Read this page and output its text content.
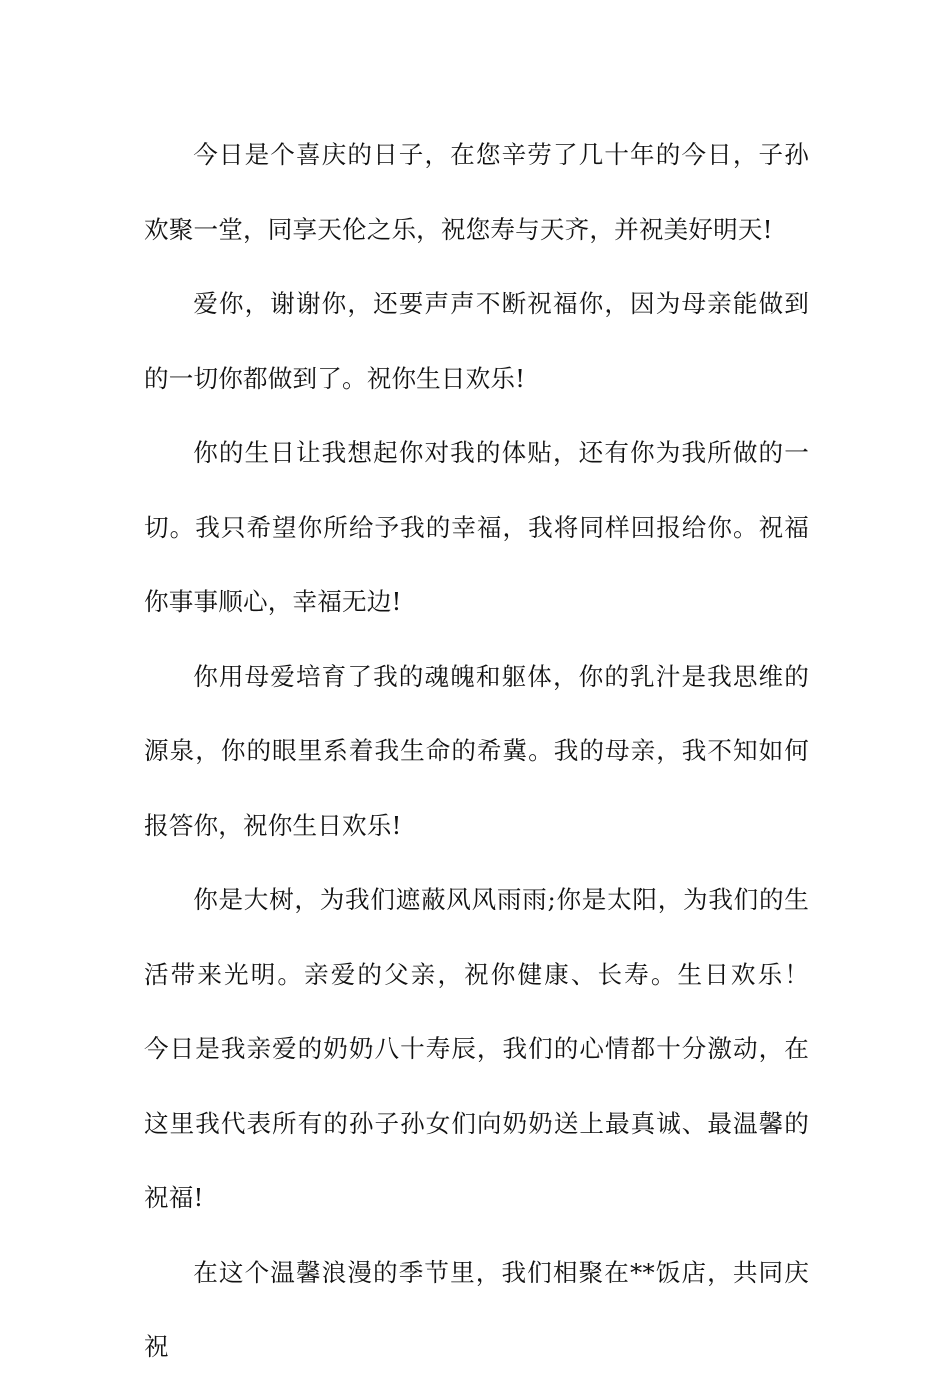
今日是个喜庆的日子，在您辛劳了几十年的今日，子孙欢聚一堂，同享天伦之乐，祝您寿与天齐，并祝美好明天!

爱你，谢谢你，还要声声不断祝福你，因为母亲能做到的一切你都做到了。祝你生日欢乐!

你的生日让我想起你对我的体贴，还有你为我所做的一切。我只希望你所给予我的幸福，我将同样回报给你。祝福你事事顺心，幸福无边!

你用母爱培育了我的魂魄和躯体，你的乳汁是我思维的源泉，你的眼里系着我生命的希冀。我的母亲，我不知如何报答你，祝你生日欢乐!

你是大树，为我们遮蔽风风雨雨;你是太阳，为我们的生活带来光明。亲爱的父亲，祝你健康、长寿。生日欢乐！　今日是我亲爱的奶奶八十寿辰，我们的心情都十分激动，在这里我代表所有的孙子孙女们向奶奶送上最真诚、最温馨的祝福!

在这个温馨浪漫的季节里，我们相聚在**饭店，共同庆祝
